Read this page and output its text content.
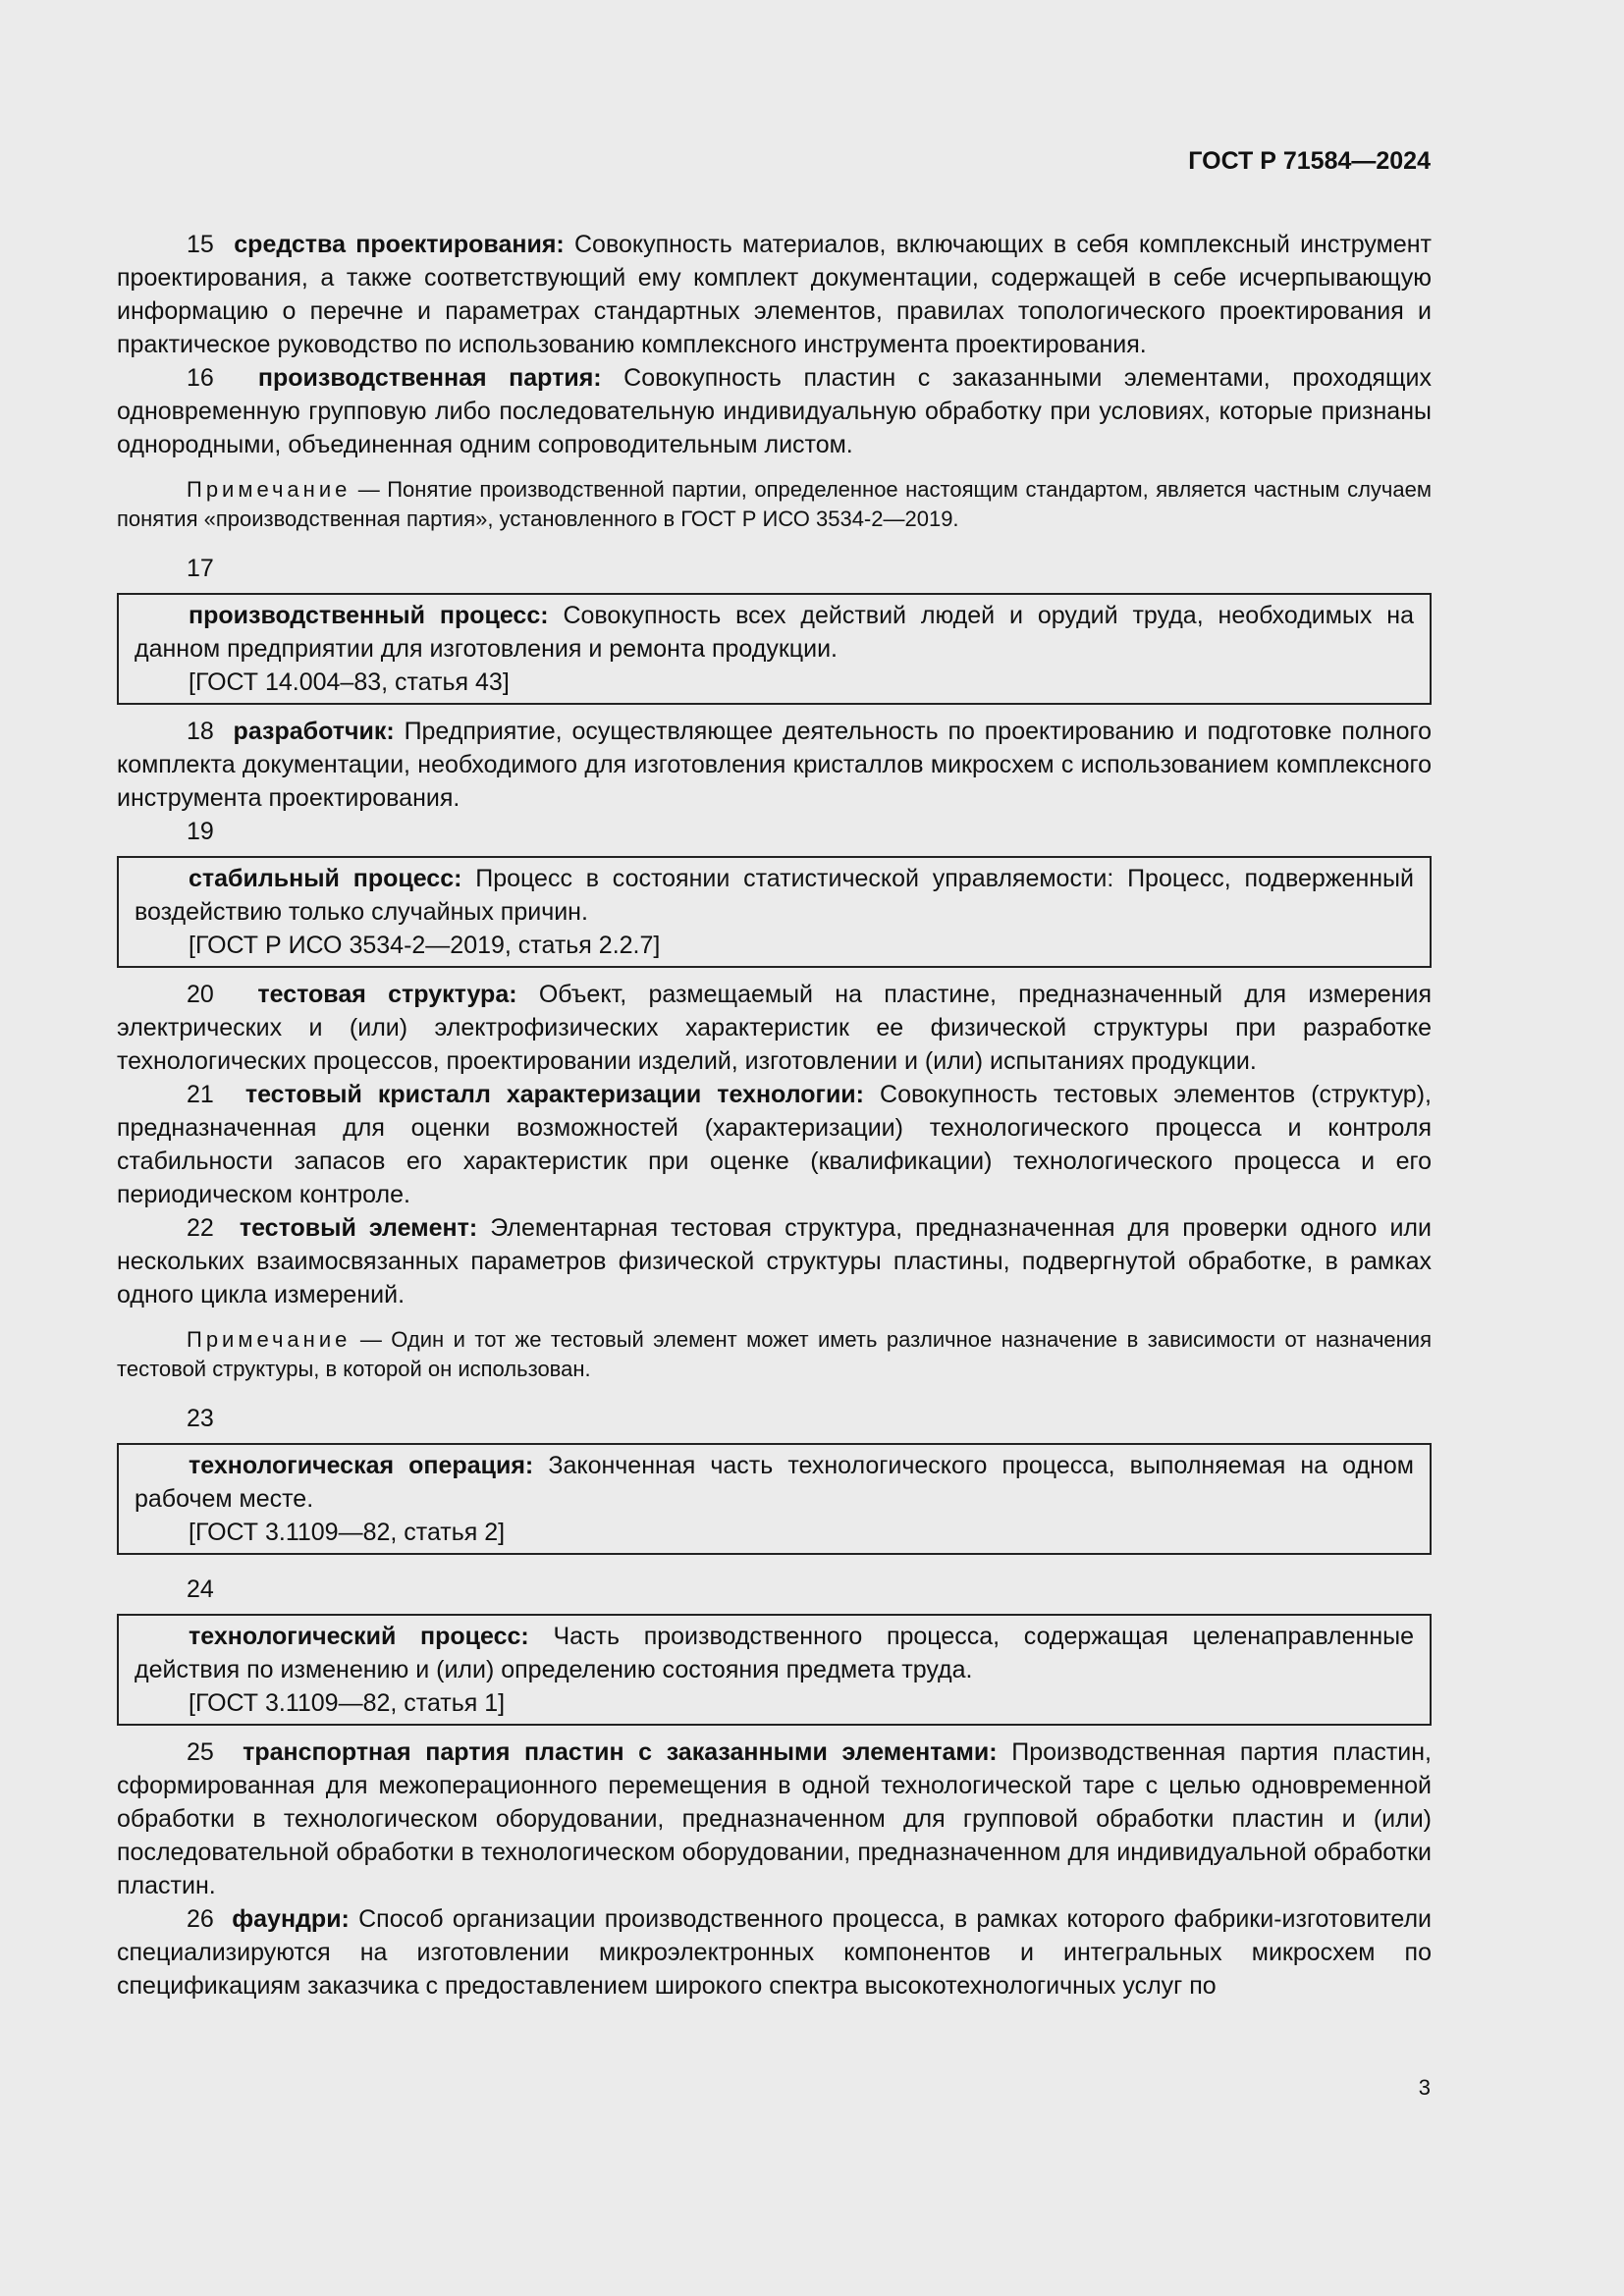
ГОСТ Р 71584—2024

15 средства проектирования: Совокупность материалов, включающих в себя комплексный инструмент проектирования, а также соответствующий ему комплект документации, содержащей в себе исчерпывающую информацию о перечне и параметрах стандартных элементов, правилах топологического проектирования и практическое руководство по использованию комплексного инструмента проектирования.

16 производственная партия: Совокупность пластин с заказанными элементами, проходящих одновременную групповую либо последовательную индивидуальную обработку при условиях, которые признаны однородными, объединенная одним сопроводительным листом.

Примечание — Понятие производственной партии, определенное настоящим стандартом, является частным случаем понятия «производственная партия», установленного в ГОСТ Р ИСО 3534-2—2019.

17

производственный процесс: Совокупность всех действий людей и орудий труда, необходимых на данном предприятии для изготовления и ремонта продукции.

[ГОСТ 14.004–83, статья 43]

18 разработчик: Предприятие, осуществляющее деятельность по проектированию и подготовке полного комплекта документации, необходимого для изготовления кристаллов микросхем с использованием комплексного инструмента проектирования.

19

стабильный процесс: Процесс в состоянии статистической управляемости: Процесс, подверженный воздействию только случайных причин.

[ГОСТ Р ИСО 3534-2—2019, статья 2.2.7]

20 тестовая структура: Объект, размещаемый на пластине, предназначенный для измерения электрических и (или) электрофизических характеристик ее физической структуры при разработке технологических процессов, проектировании изделий, изготовлении и (или) испытаниях продукции.

21 тестовый кристалл характеризации технологии: Совокупность тестовых элементов (структур), предназначенная для оценки возможностей (характеризации) технологического процесса и контроля стабильности запасов его характеристик при оценке (квалификации) технологического процесса и его периодическом контроле.

22 тестовый элемент: Элементарная тестовая структура, предназначенная для проверки одного или нескольких взаимосвязанных параметров физической структуры пластины, подвергнутой обработке, в рамках одного цикла измерений.

Примечание — Один и тот же тестовый элемент может иметь различное назначение в зависимости от назначения тестовой структуры, в которой он использован.

23

технологическая операция: Законченная часть технологического процесса, выполняемая на одном рабочем месте.

[ГОСТ 3.1109—82, статья 2]
24

технологический процесс: Часть производственного процесса, содержащая целенаправленные действия по изменению и (или) определению состояния предмета труда.

[ГОСТ 3.1109—82, статья 1]

25 транспортная партия пластин с заказанными элементами: Производственная партия пластин, сформированная для межоперационного перемещения в одной технологической таре с целью одновременной обработки в технологическом оборудовании, предназначенном для групповой обработки пластин и (или) последовательной обработки в технологическом оборудовании, предназначенном для индивидуальной обработки пластин.

26 фаундри: Способ организации производственного процесса, в рамках которого фабрики-изготовители специализируются на изготовлении микроэлектронных компонентов и интегральных микросхем по спецификациям заказчика с предоставлением широкого спектра высокотехнологичных услуг по

3
